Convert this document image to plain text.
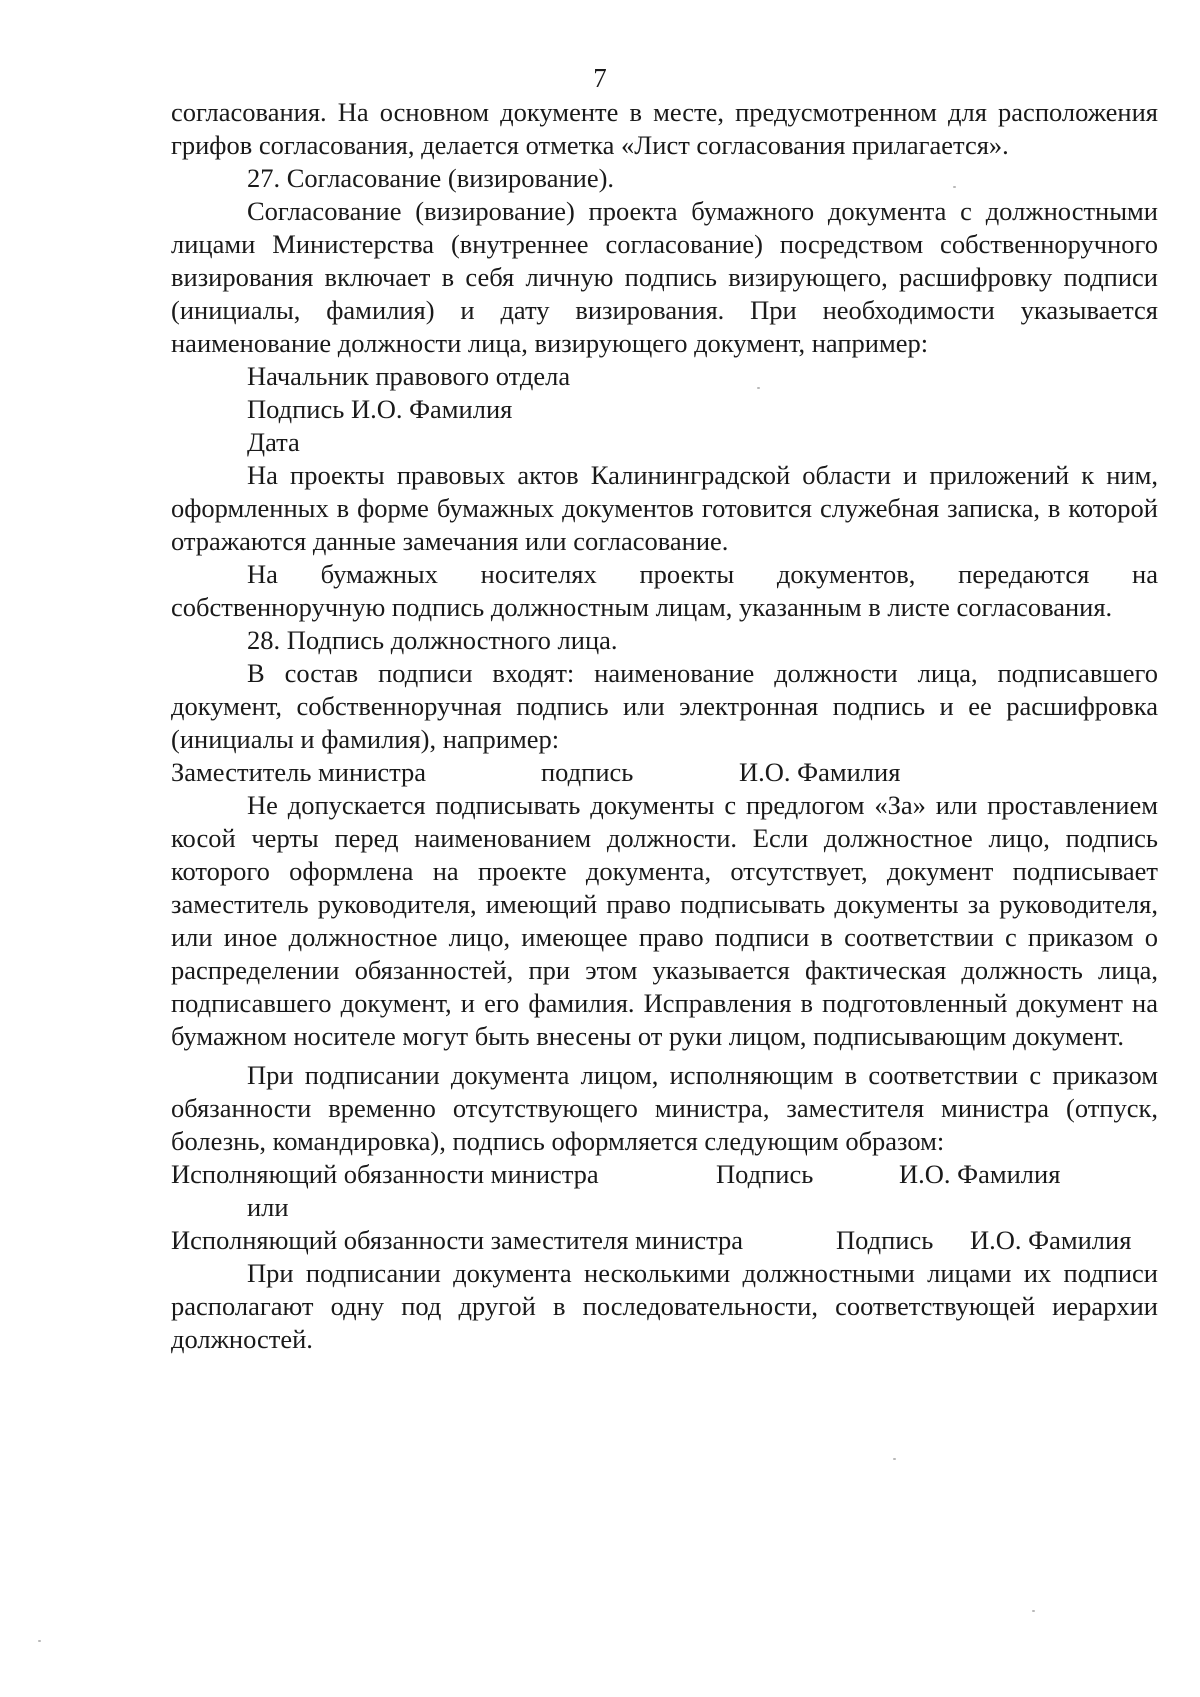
7

согласования. На основном документе в месте, предусмотренном для расположения грифов согласования, делается отметка «Лист согласования прилагается».

27. Согласование (визирование).

Согласование (визирование) проекта бумажного документа с должностными лицами Министерства (внутреннее согласование) посредством собственноручного визирования включает в себя личную подпись визирующего, расшифровку подписи (инициалы, фамилия) и дату визирования. При необходимости указывается наименование должности лица, визирующего документ, например:

Начальник правового отдела

Подпись И.О. Фамилия

Дата

На проекты правовых актов Калининградской области и приложений к ним, оформленных в форме бумажных документов готовится служебная записка, в которой отражаются данные замечания или согласование.

На бумажных носителях проекты документов, передаются на собственноручную подпись должностным лицам, указанным в листе согласования.

28. Подпись должностного лица.

В состав подписи входят: наименование должности лица, подписавшего документ, собственноручная подпись или электронная подпись и ее расшифровка (инициалы и фамилия), например:

Заместитель министра	подпись	И.О. Фамилия

Не допускается подписывать документы с предлогом «За» или проставлением косой черты перед наименованием должности. Если должностное лицо, подпись которого оформлена на проекте документа, отсутствует, документ подписывает заместитель руководителя, имеющий право подписывать документы за руководителя, или иное должностное лицо, имеющее право подписи в соответствии с приказом о распределении обязанностей, при этом указывается фактическая должность лица, подписавшего документ, и его фамилия. Исправления в подготовленный документ на бумажном носителе могут быть внесены от руки лицом, подписывающим документ.

При подписании документа лицом, исполняющим в соответствии с приказом обязанности временно отсутствующего министра, заместителя министра (отпуск, болезнь, командировка), подпись оформляется следующим образом:

Исполняющий обязанности министра	Подпись	И.О. Фамилия

или

Исполняющий обязанности заместителя министра	Подпись	И.О. Фамилия

При подписании документа несколькими должностными лицами их подписи располагают одну под другой в последовательности, соответствующей иерархии должностей.
